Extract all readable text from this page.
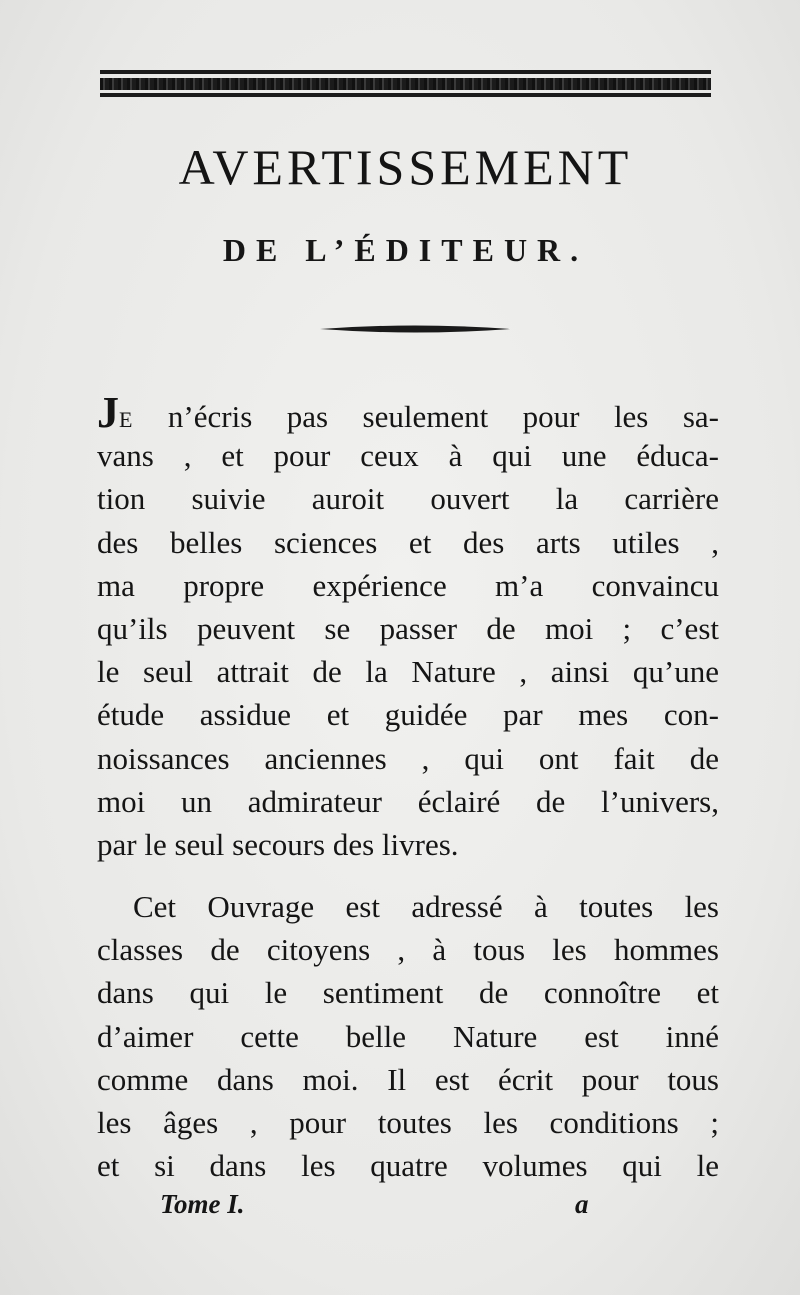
AVERTISSEMENT
DE L’ÉDITEUR.
JE n’écris pas seulement pour les sa-
vans , et pour ceux à qui une éduca-
tion suivie auroit ouvert la carrière
des belles sciences et des arts utiles ,
ma propre expérience m’a convaincu
qu’ils peuvent se passer de moi ; c’est
le seul attrait de la Nature , ainsi qu’une
étude assidue et guidée par mes con-
noissances anciennes , qui ont fait de
moi un admirateur éclairé de l’univers,
par le seul secours des livres.
Cet Ouvrage est adressé à toutes les
classes de citoyens , à tous les hommes
dans qui le sentiment de connoître et
d’aimer cette belle Nature est inné
comme dans moi. Il est écrit pour tous
les âges , pour toutes les conditions ;
et si dans les quatre volumes qui le
Tome I.	a
